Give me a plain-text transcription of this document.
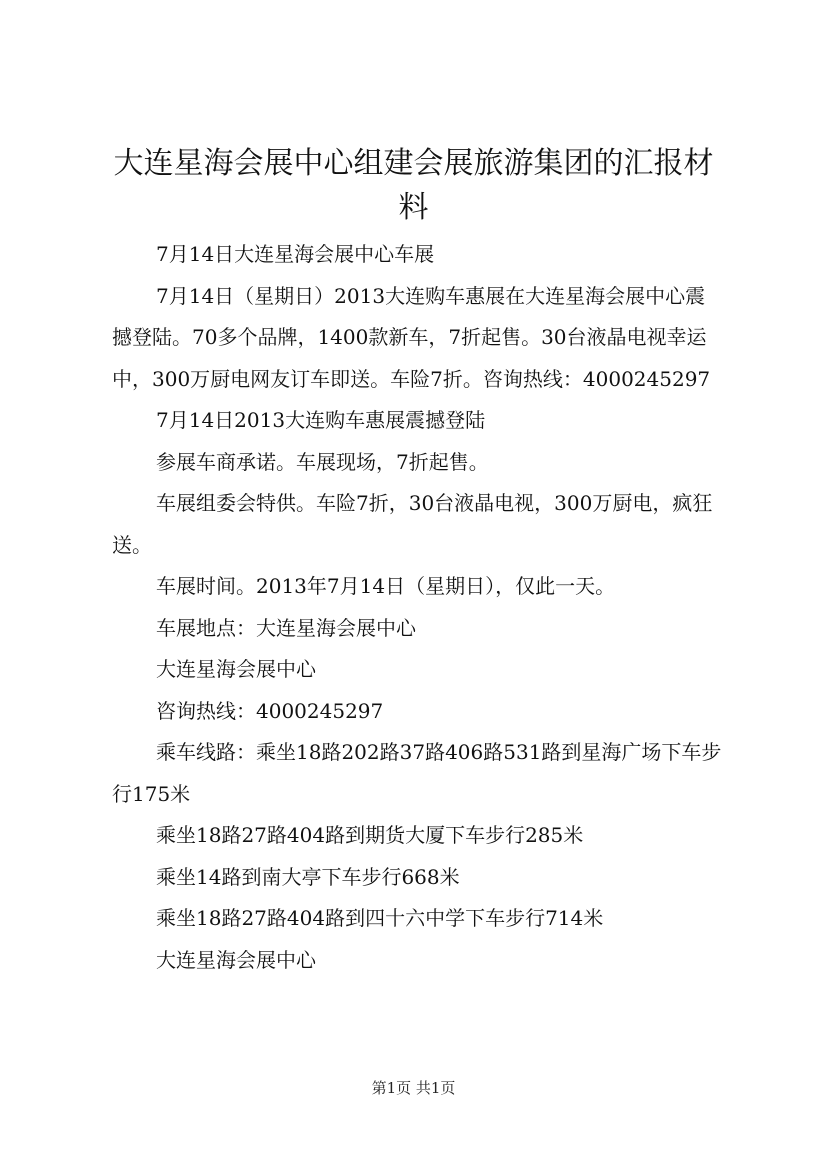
大连星海会展中心组建会展旅游集团的汇报材料

7月14日大连星海会展中心车展

7月14日（星期日）2013大连购车惠展在大连星海会展中心震撼登陆。70多个品牌，1400款新车，7折起售。30台液晶电视幸运中，300万厨电网友订车即送。车险7折。咨询热线：4000245297

7月14日2013大连购车惠展震撼登陆

参展车商承诺。车展现场，7折起售。

车展组委会特供。车险7折，30台液晶电视，300万厨电，疯狂送。

车展时间。2013年7月14日（星期日），仅此一天。

车展地点：大连星海会展中心

大连星海会展中心

咨询热线：4000245297

乘车线路：乘坐18路202路37路406路531路到星海广场下车步行175米

乘坐18路27路404路到期货大厦下车步行285米

乘坐14路到南大亭下车步行668米

乘坐18路27路404路到四十六中学下车步行714米

大连星海会展中心

第1页 共1页
